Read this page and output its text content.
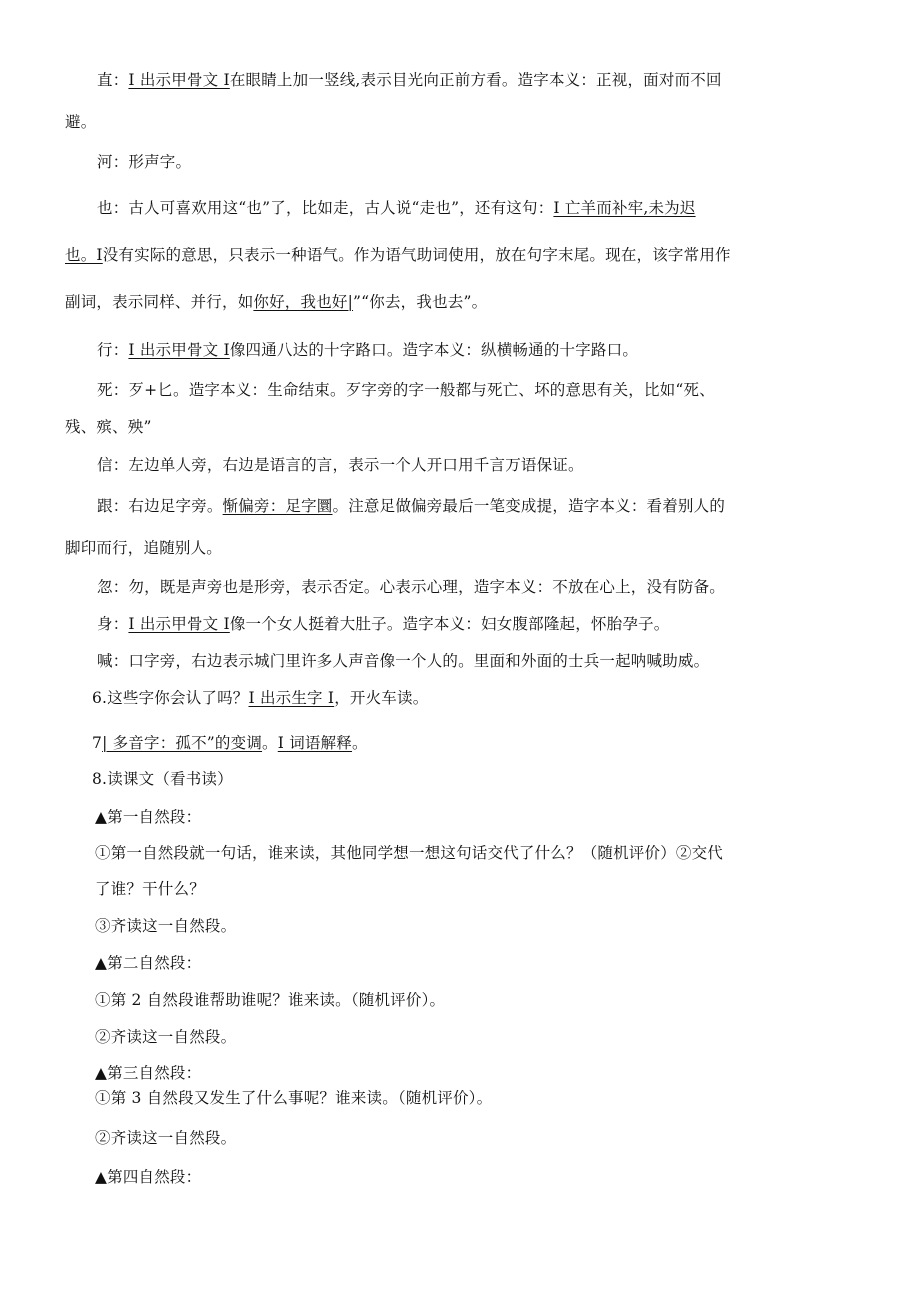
直：I 出示甲骨文 I在眼睛上加一竖线,表示目光向正前方看。造字本义：正视，面对而不回
避。
河：形声字。
也：古人可喜欢用这“也”了，比如走，古人说“走也”，还有这句：I 亡羊而补牢,未为迟
也。I没有实际的意思，只表示一种语气。作为语气助词使用，放在句字末尾。现在，该字常用作
副词，表示同样、并行，如你好，我也好|”“你去，我也去”。
行：I 出示甲骨文 I像四通八达的十字路口。造字本义：纵横畅通的十字路口。
死：歹+匕。造字本义：生命结束。歹字旁的字一般都与死亡、坏的意思有关，比如“死、
残、殡、殃”
信：左边单人旁，右边是语言的言，表示一个人开口用千言万语保证。
跟：右边足字旁。惭偏旁：足字圜。注意足做偏旁最后一笔变成提，造字本义：看着别人的
脚印而行，追随别人。
忽：勿，既是声旁也是形旁，表示否定。心表示心理，造字本义：不放在心上，没有防备。
身：I 出示甲骨文 I像一个女人挺着大肚子。造字本义：妇女腹部隆起，怀胎孕子。
喊：口字旁，右边表示城门里许多人声音像一个人的。里面和外面的士兵一起呐喊助威。
6.这些字你会认了吗？I 出示生字 I，开火车读。
7| 多音字：孤不”的变调。I 词语解释。
8.读课文（看书读）
▲第一自然段：
①第一自然段就一句话，谁来读，其他同学想一想这句话交代了什么？（随机评价）②交代
了谁？干什么？
③齐读这一自然段。
▲第二自然段：
①第 2 自然段谁帮助谁呢？谁来读。（随机评价）。
②齐读这一自然段。
▲第三自然段：
①第 3 自然段又发生了什么事呢？谁来读。（随机评价）。
②齐读这一自然段。
▲第四自然段：
